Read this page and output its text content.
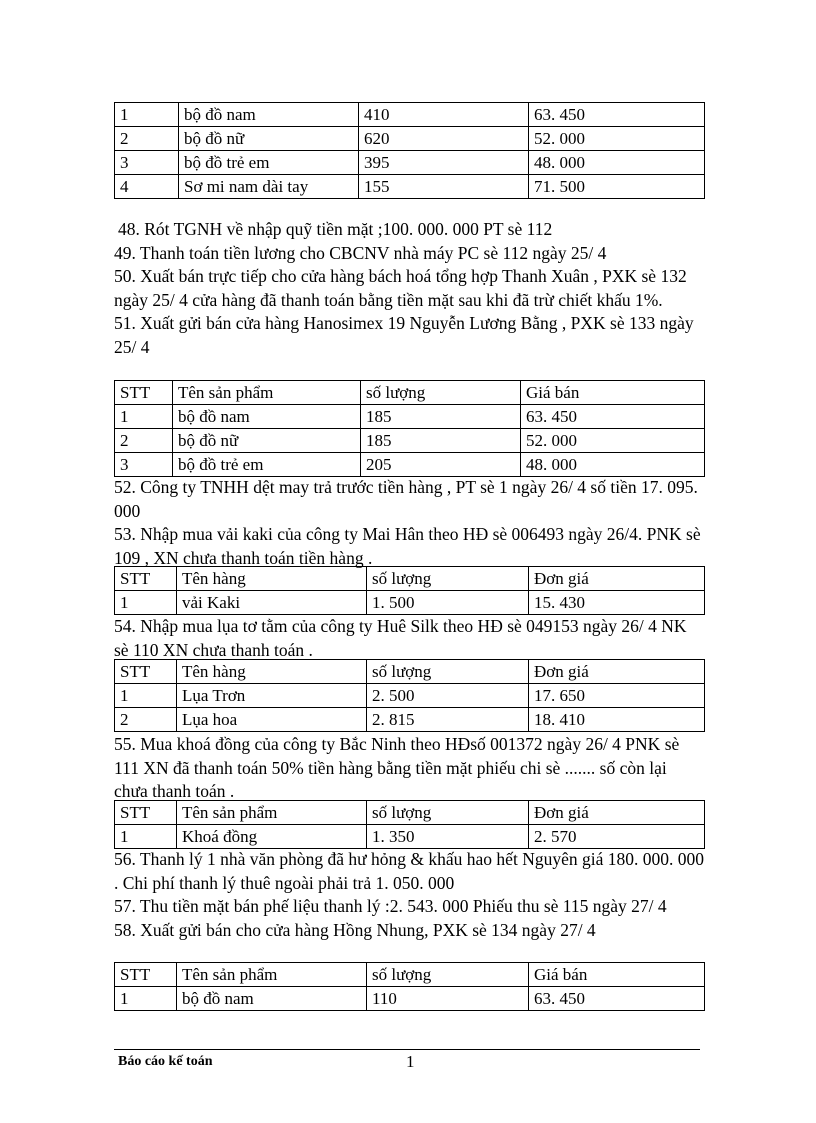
1	bộ đồ nam	410	63. 450
2	bộ đồ nữ	620	52. 000
3	bộ đồ trẻ em	395	48. 000
4	Sơ mi nam dài tay	155	71. 500

48. Rót TGNH về nhập quỹ tiền mặt ;100. 000. 000 PT sè 112

49. Thanh toán tiền lương cho CBCNV nhà máy PC sè 112 ngày 25/ 4

50. Xuất bán trực tiếp cho cửa hàng bách hoá tổng hợp Thanh Xuân , PXK sè 132 ngày 25/ 4 cửa hàng đã thanh toán bằng tiền mặt sau khi đã trừ chiết khấu 1%.

51. Xuất gửi bán cửa hàng Hanosimex 19 Nguyễn Lương Bằng , PXK sè 133 ngày 25/ 4

STT	Tên sản phẩm	số lượng	Giá bán
1	bộ đồ nam	185	63. 450
2	bộ đồ nữ	185	52. 000
3	bộ đồ trẻ em	205	48. 000

52. Công ty TNHH dệt may trả trước tiền hàng , PT sè 1 ngày 26/ 4 số tiền 17. 095. 000

53. Nhập mua vải kaki của công ty Mai Hân theo HĐ sè 006493 ngày 26/4. PNK sè 109 , XN chưa thanh toán tiền hàng .

STT	Tên hàng	số lượng	Đơn giá
1	vải Kaki	1. 500	15. 430

54. Nhập mua lụa tơ tằm của công ty Huê Silk theo HĐ sè 049153 ngày 26/ 4 NK sè 110 XN chưa thanh toán .

STT	Tên hàng	số lượng	Đơn giá
1	Lụa Trơn	2. 500	17. 650
2	Lụa hoa	2. 815	18. 410

55. Mua khoá đồng của công ty Bắc Ninh theo HĐsố 001372 ngày 26/ 4 PNK sè 111 XN đã thanh toán 50% tiền hàng bằng tiền mặt phiếu chi sè ....... số còn lại chưa thanh toán .

STT	Tên sản phẩm	số lượng	Đơn giá
1	Khoá đồng	1. 350	2. 570

56. Thanh lý 1 nhà văn phòng đã hư hỏng & khấu hao hết Nguyên giá 180. 000. 000 . Chi phí thanh lý thuê ngoài phải trả 1. 050. 000

57. Thu tiền mặt bán phế liệu thanh lý :2. 543. 000 Phiếu thu sè 115 ngày 27/ 4

58. Xuất gửi bán cho cửa hàng Hồng Nhung, PXK sè 134 ngày 27/ 4

STT	Tên sản phẩm	số lượng	Giá bán
1	bộ đồ nam	110	63. 450
Báo cáo kế toán	1
